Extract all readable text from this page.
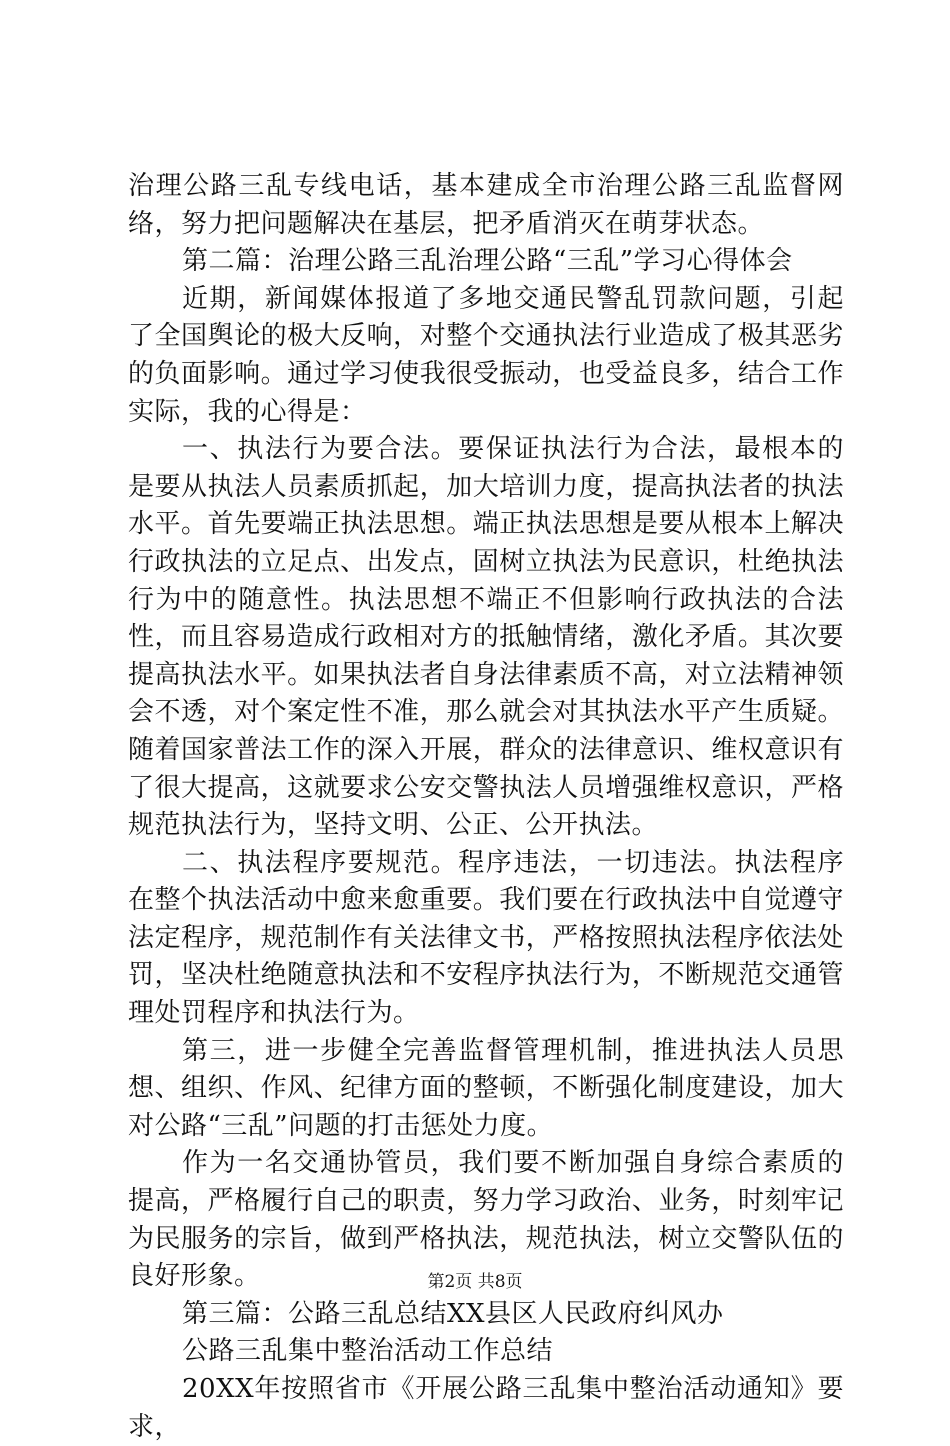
治理公路三乱专线电话，基本建成全市治理公路三乱监督网络，努力把问题解决在基层，把矛盾消灭在萌芽状态。

第二篇：治理公路三乱治理公路“三乱”学习心得体会

近期，新闻媒体报道了多地交通民警乱罚款问题，引起了全国舆论的极大反响，对整个交通执法行业造成了极其恶劣的负面影响。通过学习使我很受振动，也受益良多，结合工作实际，我的心得是：

一、执法行为要合法。要保证执法行为合法，最根本的是要从执法人员素质抓起，加大培训力度，提高执法者的执法水平。首先要端正执法思想。端正执法思想是要从根本上解决行政执法的立足点、出发点，固树立执法为民意识，杜绝执法行为中的随意性。执法思想不端正不但影响行政执法的合法性，而且容易造成行政相对方的抵触情绪，激化矛盾。其次要提高执法水平。如果执法者自身法律素质不高，对立法精神领会不透，对个案定性不准，那么就会对其执法水平产生质疑。随着国家普法工作的深入开展，群众的法律意识、维权意识有了很大提高，这就要求公安交警执法人员增强维权意识，严格规范执法行为，坚持文明、公正、公开执法。

二、执法程序要规范。程序违法，一切违法。执法程序在整个执法活动中愈来愈重要。我们要在行政执法中自觉遵守法定程序，规范制作有关法律文书，严格按照执法程序依法处罚，坚决杜绝随意执法和不安程序执法行为，不断规范交通管理处罚程序和执法行为。

第三，进一步健全完善监督管理机制，推进执法人员思想、组织、作风、纪律方面的整顿，不断强化制度建设，加大对公路“三乱”问题的打击惩处力度。

作为一名交通协管员，我们要不断加强自身综合素质的提高，严格履行自己的职责，努力学习政治、业务，时刻牢记为民服务的宗旨，做到严格执法，规范执法，树立交警队伍的良好形象。

第三篇：公路三乱总结XX县区人民政府纠风办

公路三乱集中整治活动工作总结

20XX年按照省市《开展公路三乱集中整治活动通知》要求，

第2页 共8页
